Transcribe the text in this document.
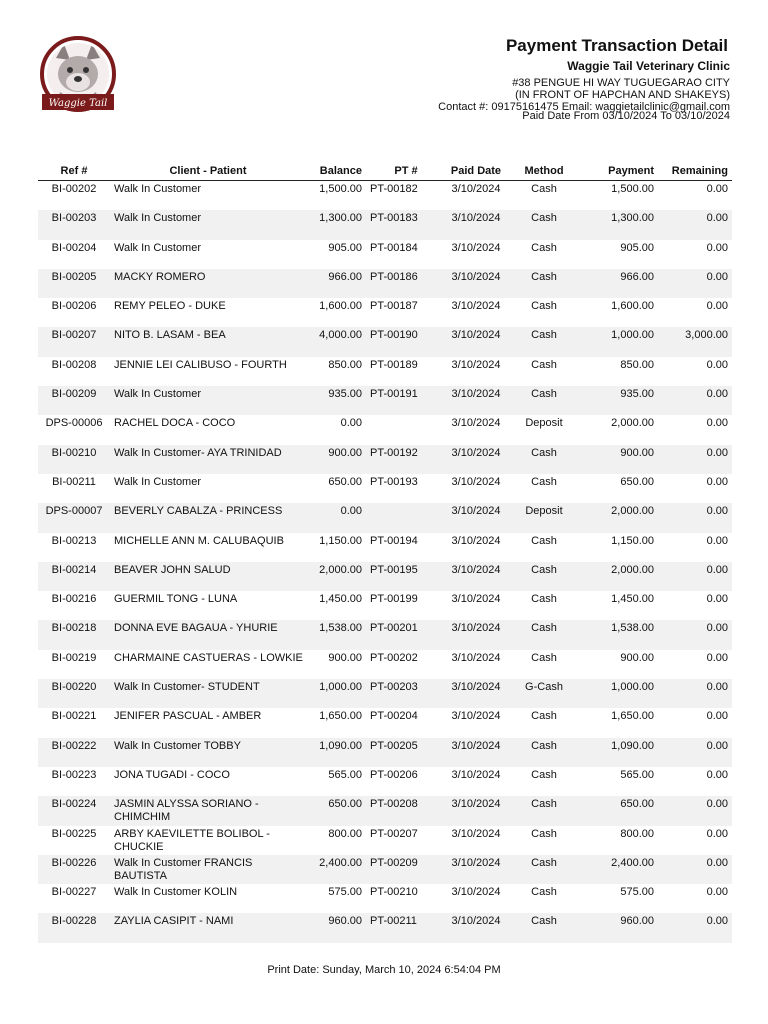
Waggie Tail
Payment Transaction Detail
Waggie Tail Veterinary Clinic
#38 PENGUE HI WAY TUGUEGARAO CITY
(IN FRONT OF HAPCHAN AND SHAKEYS)
Contact #: 09175161475 Email: waggietailclinic@gmail.com
Paid Date From 03/10/2024 To 03/10/2024
Ref #	Client - Patient	Balance	PT #	Paid Date	Method	Payment	Remaining

BI-00202	Walk In Customer	1,500.00	PT-00182	3/10/2024	Cash	1,500.00	0.00

BI-00203	Walk In Customer	1,300.00	PT-00183	3/10/2024	Cash	1,300.00	0.00

BI-00204	Walk In Customer	905.00	PT-00184	3/10/2024	Cash	905.00	0.00

BI-00205	MACKY ROMERO	966.00	PT-00186	3/10/2024	Cash	966.00	0.00

BI-00206	REMY PELEO - DUKE	1,600.00	PT-00187	3/10/2024	Cash	1,600.00	0.00

BI-00207	NITO B. LASAM - BEA	4,000.00	PT-00190	3/10/2024	Cash	1,000.00	3,000.00

BI-00208	JENNIE LEI CALIBUSO - FOURTH	850.00	PT-00189	3/10/2024	Cash	850.00	0.00

BI-00209	Walk In Customer	935.00	PT-00191	3/10/2024	Cash	935.00	0.00

DPS-00006	RACHEL DOCA - COCO	0.00		3/10/2024	Deposit	2,000.00	0.00

BI-00210	Walk In Customer- AYA TRINIDAD	900.00	PT-00192	3/10/2024	Cash	900.00	0.00

BI-00211	Walk In Customer	650.00	PT-00193	3/10/2024	Cash	650.00	0.00

DPS-00007	BEVERLY CABALZA - PRINCESS	0.00		3/10/2024	Deposit	2,000.00	0.00

BI-00213	MICHELLE ANN M. CALUBAQUIB	1,150.00	PT-00194	3/10/2024	Cash	1,150.00	0.00

BI-00214	BEAVER JOHN SALUD	2,000.00	PT-00195	3/10/2024	Cash	2,000.00	0.00

BI-00216	GUERMIL TONG - LUNA	1,450.00	PT-00199	3/10/2024	Cash	1,450.00	0.00

BI-00218	DONNA EVE BAGAUA - YHURIE	1,538.00	PT-00201	3/10/2024	Cash	1,538.00	0.00

BI-00219	CHARMAINE CASTUERAS - LOWKIE	900.00	PT-00202	3/10/2024	Cash	900.00	0.00

BI-00220	Walk In Customer- STUDENT	1,000.00	PT-00203	3/10/2024	G-Cash	1,000.00	0.00

BI-00221	JENIFER PASCUAL - AMBER	1,650.00	PT-00204	3/10/2024	Cash	1,650.00	0.00

BI-00222	Walk In Customer TOBBY	1,090.00	PT-00205	3/10/2024	Cash	1,090.00	0.00

BI-00223	JONA TUGADI - COCO	565.00	PT-00206	3/10/2024	Cash	565.00	0.00

BI-00224	JASMIN ALYSSA SORIANO - CHIMCHIM	650.00	PT-00208	3/10/2024	Cash	650.00	0.00

BI-00225	ARBY KAEVILETTE BOLIBOL - CHUCKIE	800.00	PT-00207	3/10/2024	Cash	800.00	0.00

BI-00226	Walk In Customer FRANCIS BAUTISTA	2,400.00	PT-00209	3/10/2024	Cash	2,400.00	0.00

BI-00227	Walk In Customer KOLIN	575.00	PT-00210	3/10/2024	Cash	575.00	0.00

BI-00228	ZAYLIA CASIPIT - NAMI	960.00	PT-00211	3/10/2024	Cash	960.00	0.00
Print Date: Sunday, March 10, 2024 6:54:04 PM
